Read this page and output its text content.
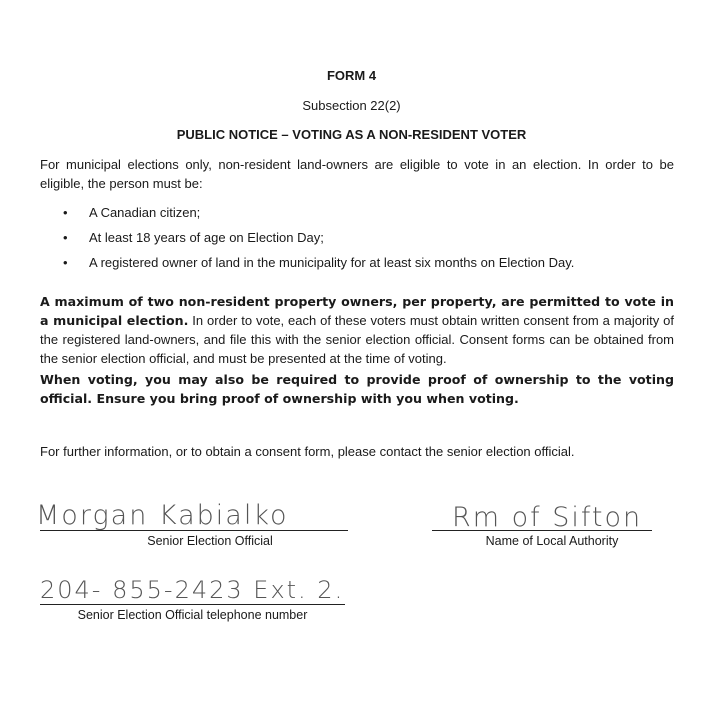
FORM 4
Subsection 22(2)
PUBLIC NOTICE – VOTING AS A NON-RESIDENT VOTER
For municipal elections only, non-resident land-owners are eligible to vote in an election. In order to be eligible, the person must be:
• A Canadian citizen;
• At least 18 years of age on Election Day;
• A registered owner of land in the municipality for at least six months on Election Day.
A maximum of two non-resident property owners, per property, are permitted to vote in a municipal election. In order to vote, each of these voters must obtain written consent from a majority of the registered land-owners, and file this with the senior election official. Consent forms can be obtained from the senior election official, and must be presented at the time of voting.
When voting, you may also be required to provide proof of ownership to the voting official. Ensure you bring proof of ownership with you when voting.
For further information, or to obtain a consent form, please contact the senior election official.
Morgan Kabialko
Senior Election Official
Rm of Sifton
Name of Local Authority
204- 855-2423 Ext. 2.
Senior Election Official telephone number
